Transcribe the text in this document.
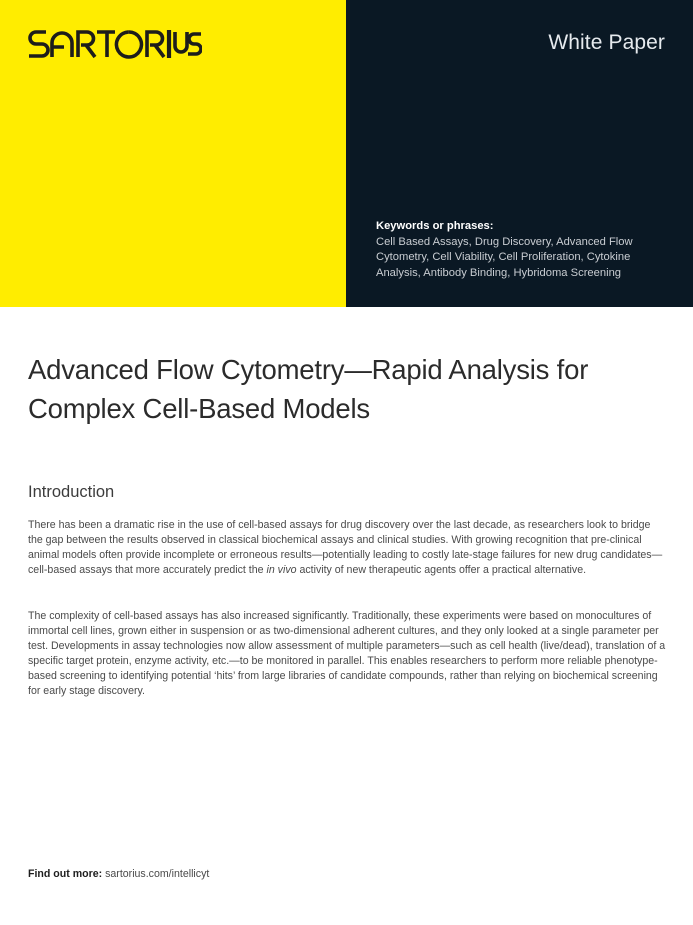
White Paper
Keywords or phrases:
Cell Based Assays, Drug Discovery, Advanced Flow Cytometry, Cell Viability, Cell Proliferation, Cytokine Analysis, Antibody Binding, Hybridoma Screening
Advanced Flow Cytometry—Rapid Analysis for Complex Cell-Based Models
Introduction

There has been a dramatic rise in the use of cell-based assays for drug discovery over the last decade, as researchers look to bridge the gap between the results observed in classical biochemical assays and clinical studies. With growing recognition that pre-clinical animal models often provide incomplete or erroneous results—potentially leading to costly late-stage failures for new drug candidates—cell-based assays that more accurately predict the in vivo activity of new therapeutic agents offer a practical alternative.

The complexity of cell-based assays has also increased significantly. Traditionally, these experiments were based on monocultures of immortal cell lines, grown either in suspension or as two-dimensional adherent cultures, and they only looked at a single parameter per test. Developments in assay technologies now allow assessment of multiple parameters—such as cell health (live/dead), translation of a specific target protein, enzyme activity, etc.—to be monitored in parallel. This enables researchers to perform more reliable phenotype-based screening to identifying potential ‘hits’ from large libraries of candidate compounds, rather than relying on biochemical screening for early stage discovery.

Find out more: sartorius.com/intellicyt
